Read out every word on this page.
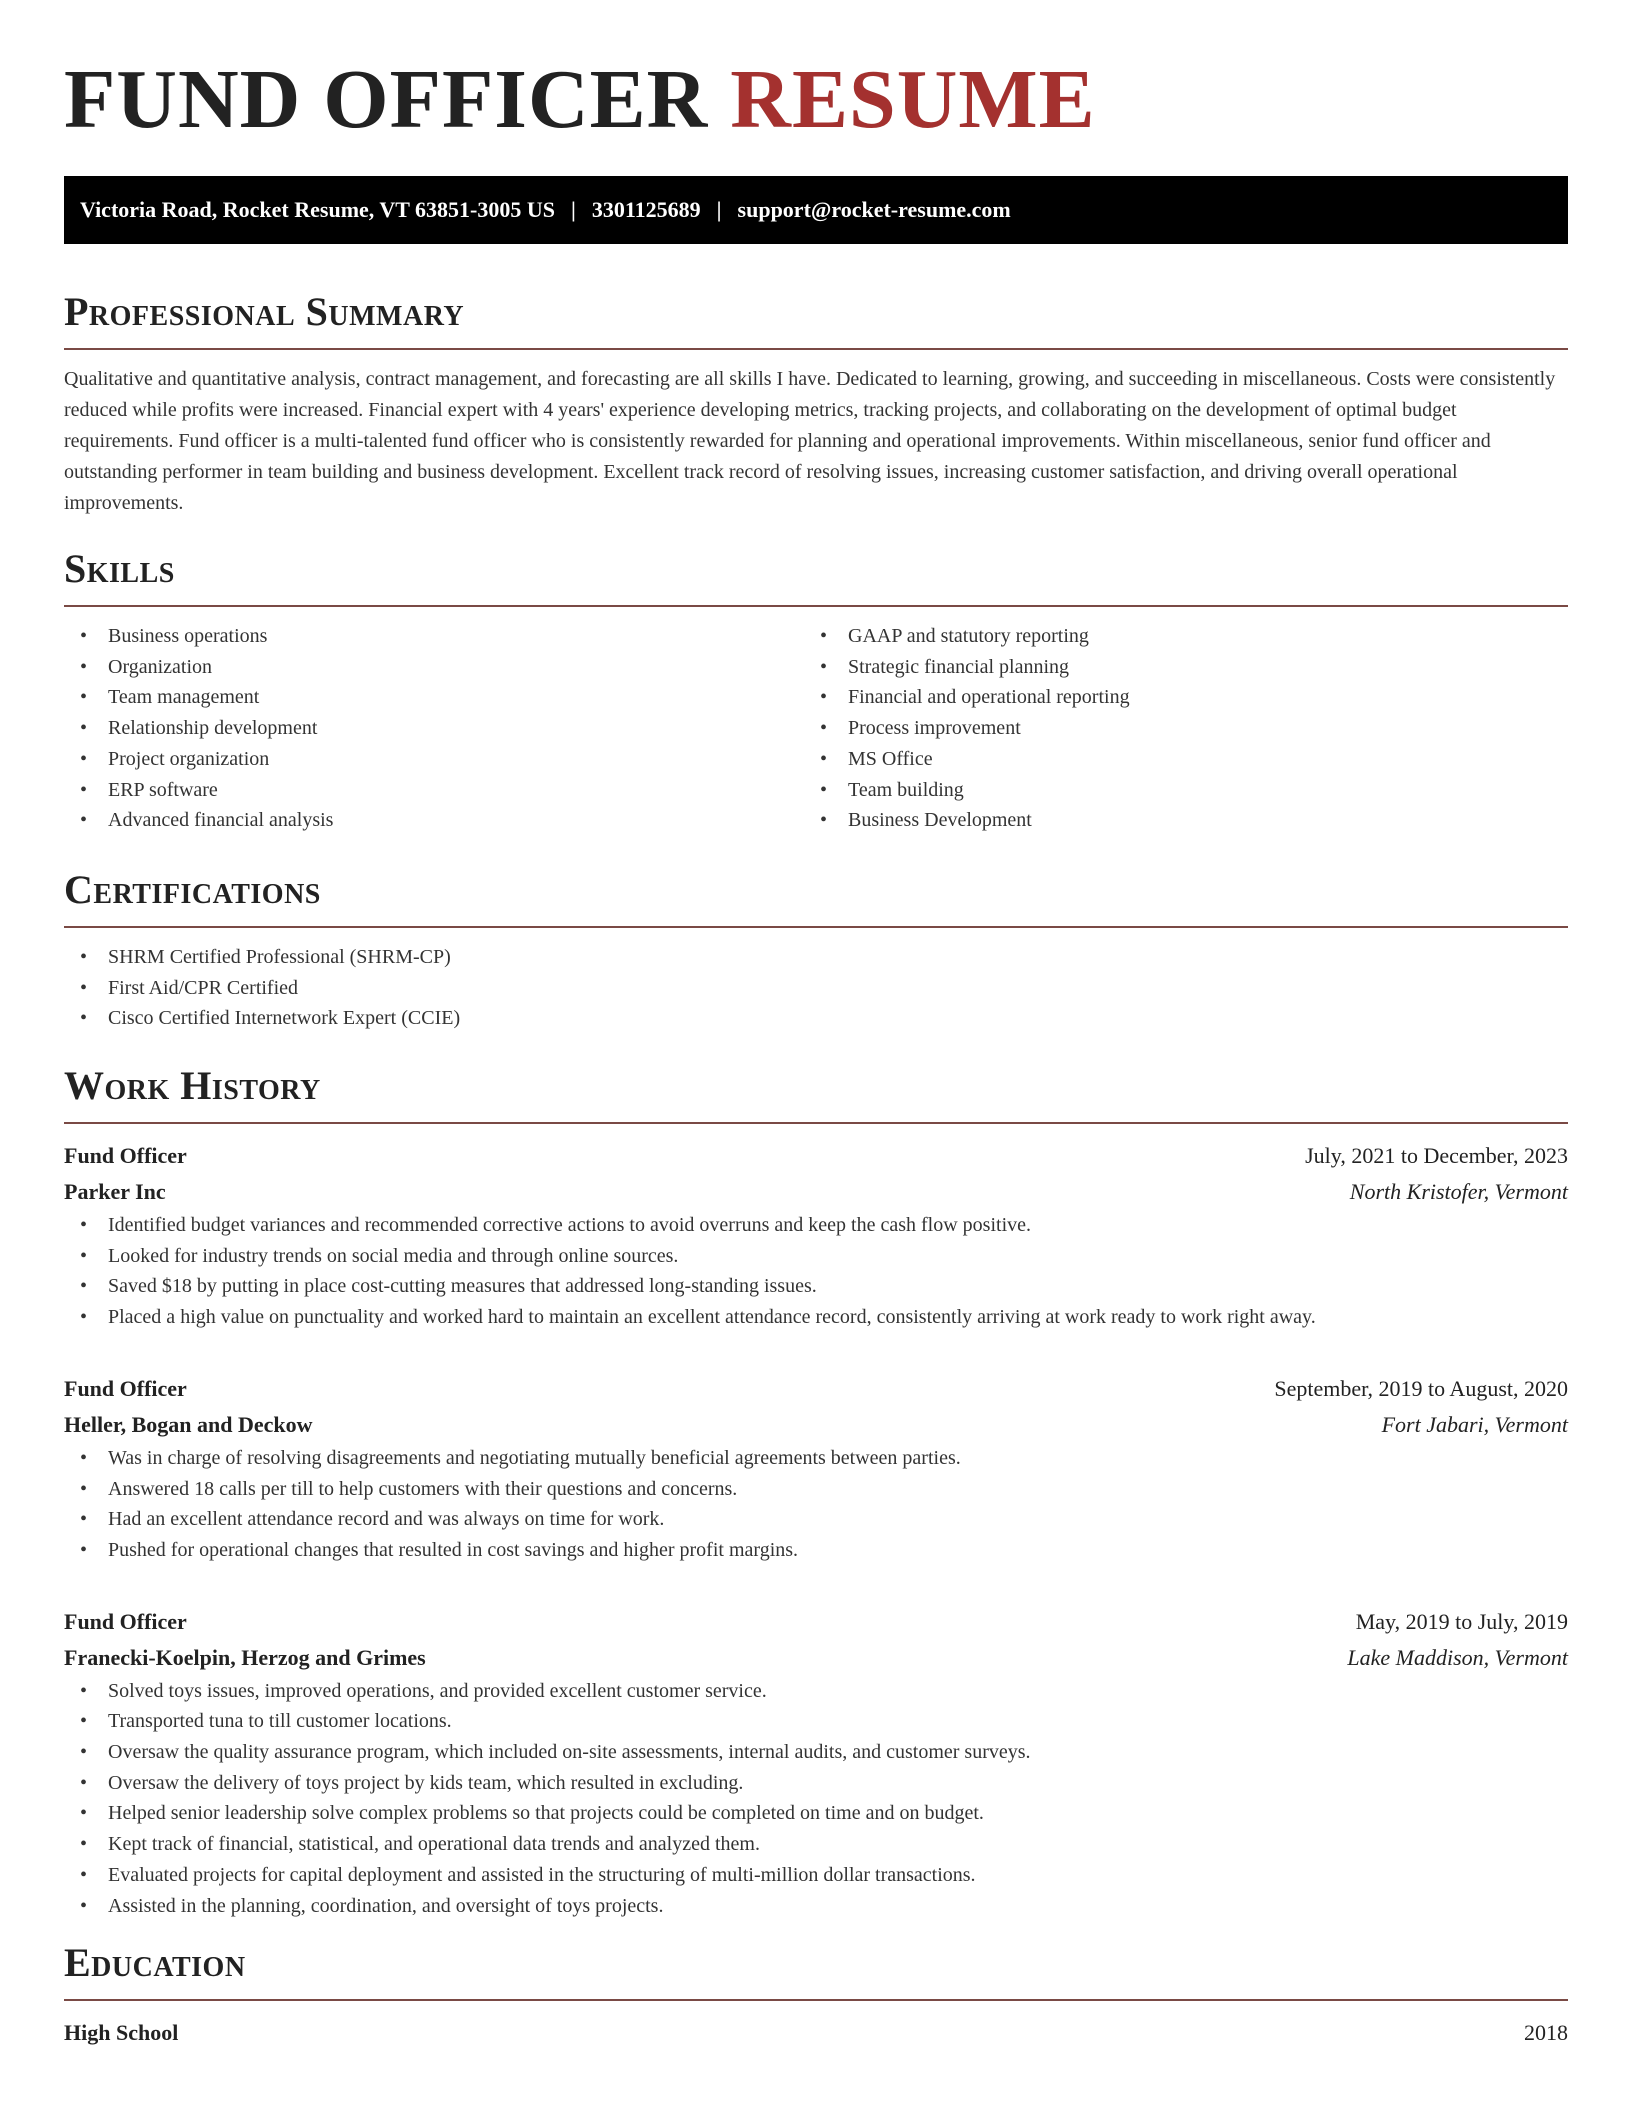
FUND OFFICER RESUME
Victoria Road, Rocket Resume, VT 63851-3005 US | 3301125689 | support@rocket-resume.com
Professional Summary

Qualitative and quantitative analysis, contract management, and forecasting are all skills I have. Dedicated to learning, growing, and succeeding in miscellaneous. Costs were consistently reduced while profits were increased. Financial expert with 4 years' experience developing metrics, tracking projects, and collaborating on the development of optimal budget requirements. Fund officer is a multi-talented fund officer who is consistently rewarded for planning and operational improvements. Within miscellaneous, senior fund officer and outstanding performer in team building and business development. Excellent track record of resolving issues, increasing customer satisfaction, and driving overall operational improvements.

Skills
• Business operations
• Organization
• Team management
• Relationship development
• Project organization
• ERP software
• Advanced financial analysis
• GAAP and statutory reporting
• Strategic financial planning
• Financial and operational reporting
• Process improvement
• MS Office
• Team building
• Business Development
Certifications
• SHRM Certified Professional (SHRM-CP)
• First Aid/CPR Certified
• Cisco Certified Internetwork Expert (CCIE)
Work History
Fund Officer	July, 2021 to December, 2023
Parker Inc	North Kristofer, Vermont
• Identified budget variances and recommended corrective actions to avoid overruns and keep the cash flow positive.
• Looked for industry trends on social media and through online sources.
• Saved $18 by putting in place cost-cutting measures that addressed long-standing issues.
• Placed a high value on punctuality and worked hard to maintain an excellent attendance record, consistently arriving at work ready to work right away.
Fund Officer	September, 2019 to August, 2020
Heller, Bogan and Deckow	Fort Jabari, Vermont
• Was in charge of resolving disagreements and negotiating mutually beneficial agreements between parties.
• Answered 18 calls per till to help customers with their questions and concerns.
• Had an excellent attendance record and was always on time for work.
• Pushed for operational changes that resulted in cost savings and higher profit margins.
Fund Officer	May, 2019 to July, 2019
Franecki-Koelpin, Herzog and Grimes	Lake Maddison, Vermont
• Solved toys issues, improved operations, and provided excellent customer service.
• Transported tuna to till customer locations.
• Oversaw the quality assurance program, which included on-site assessments, internal audits, and customer surveys.
• Oversaw the delivery of toys project by kids team, which resulted in excluding.
• Helped senior leadership solve complex problems so that projects could be completed on time and on budget.
• Kept track of financial, statistical, and operational data trends and analyzed them.
• Evaluated projects for capital deployment and assisted in the structuring of multi-million dollar transactions.
• Assisted in the planning, coordination, and oversight of toys projects.
Education
High School	2018
